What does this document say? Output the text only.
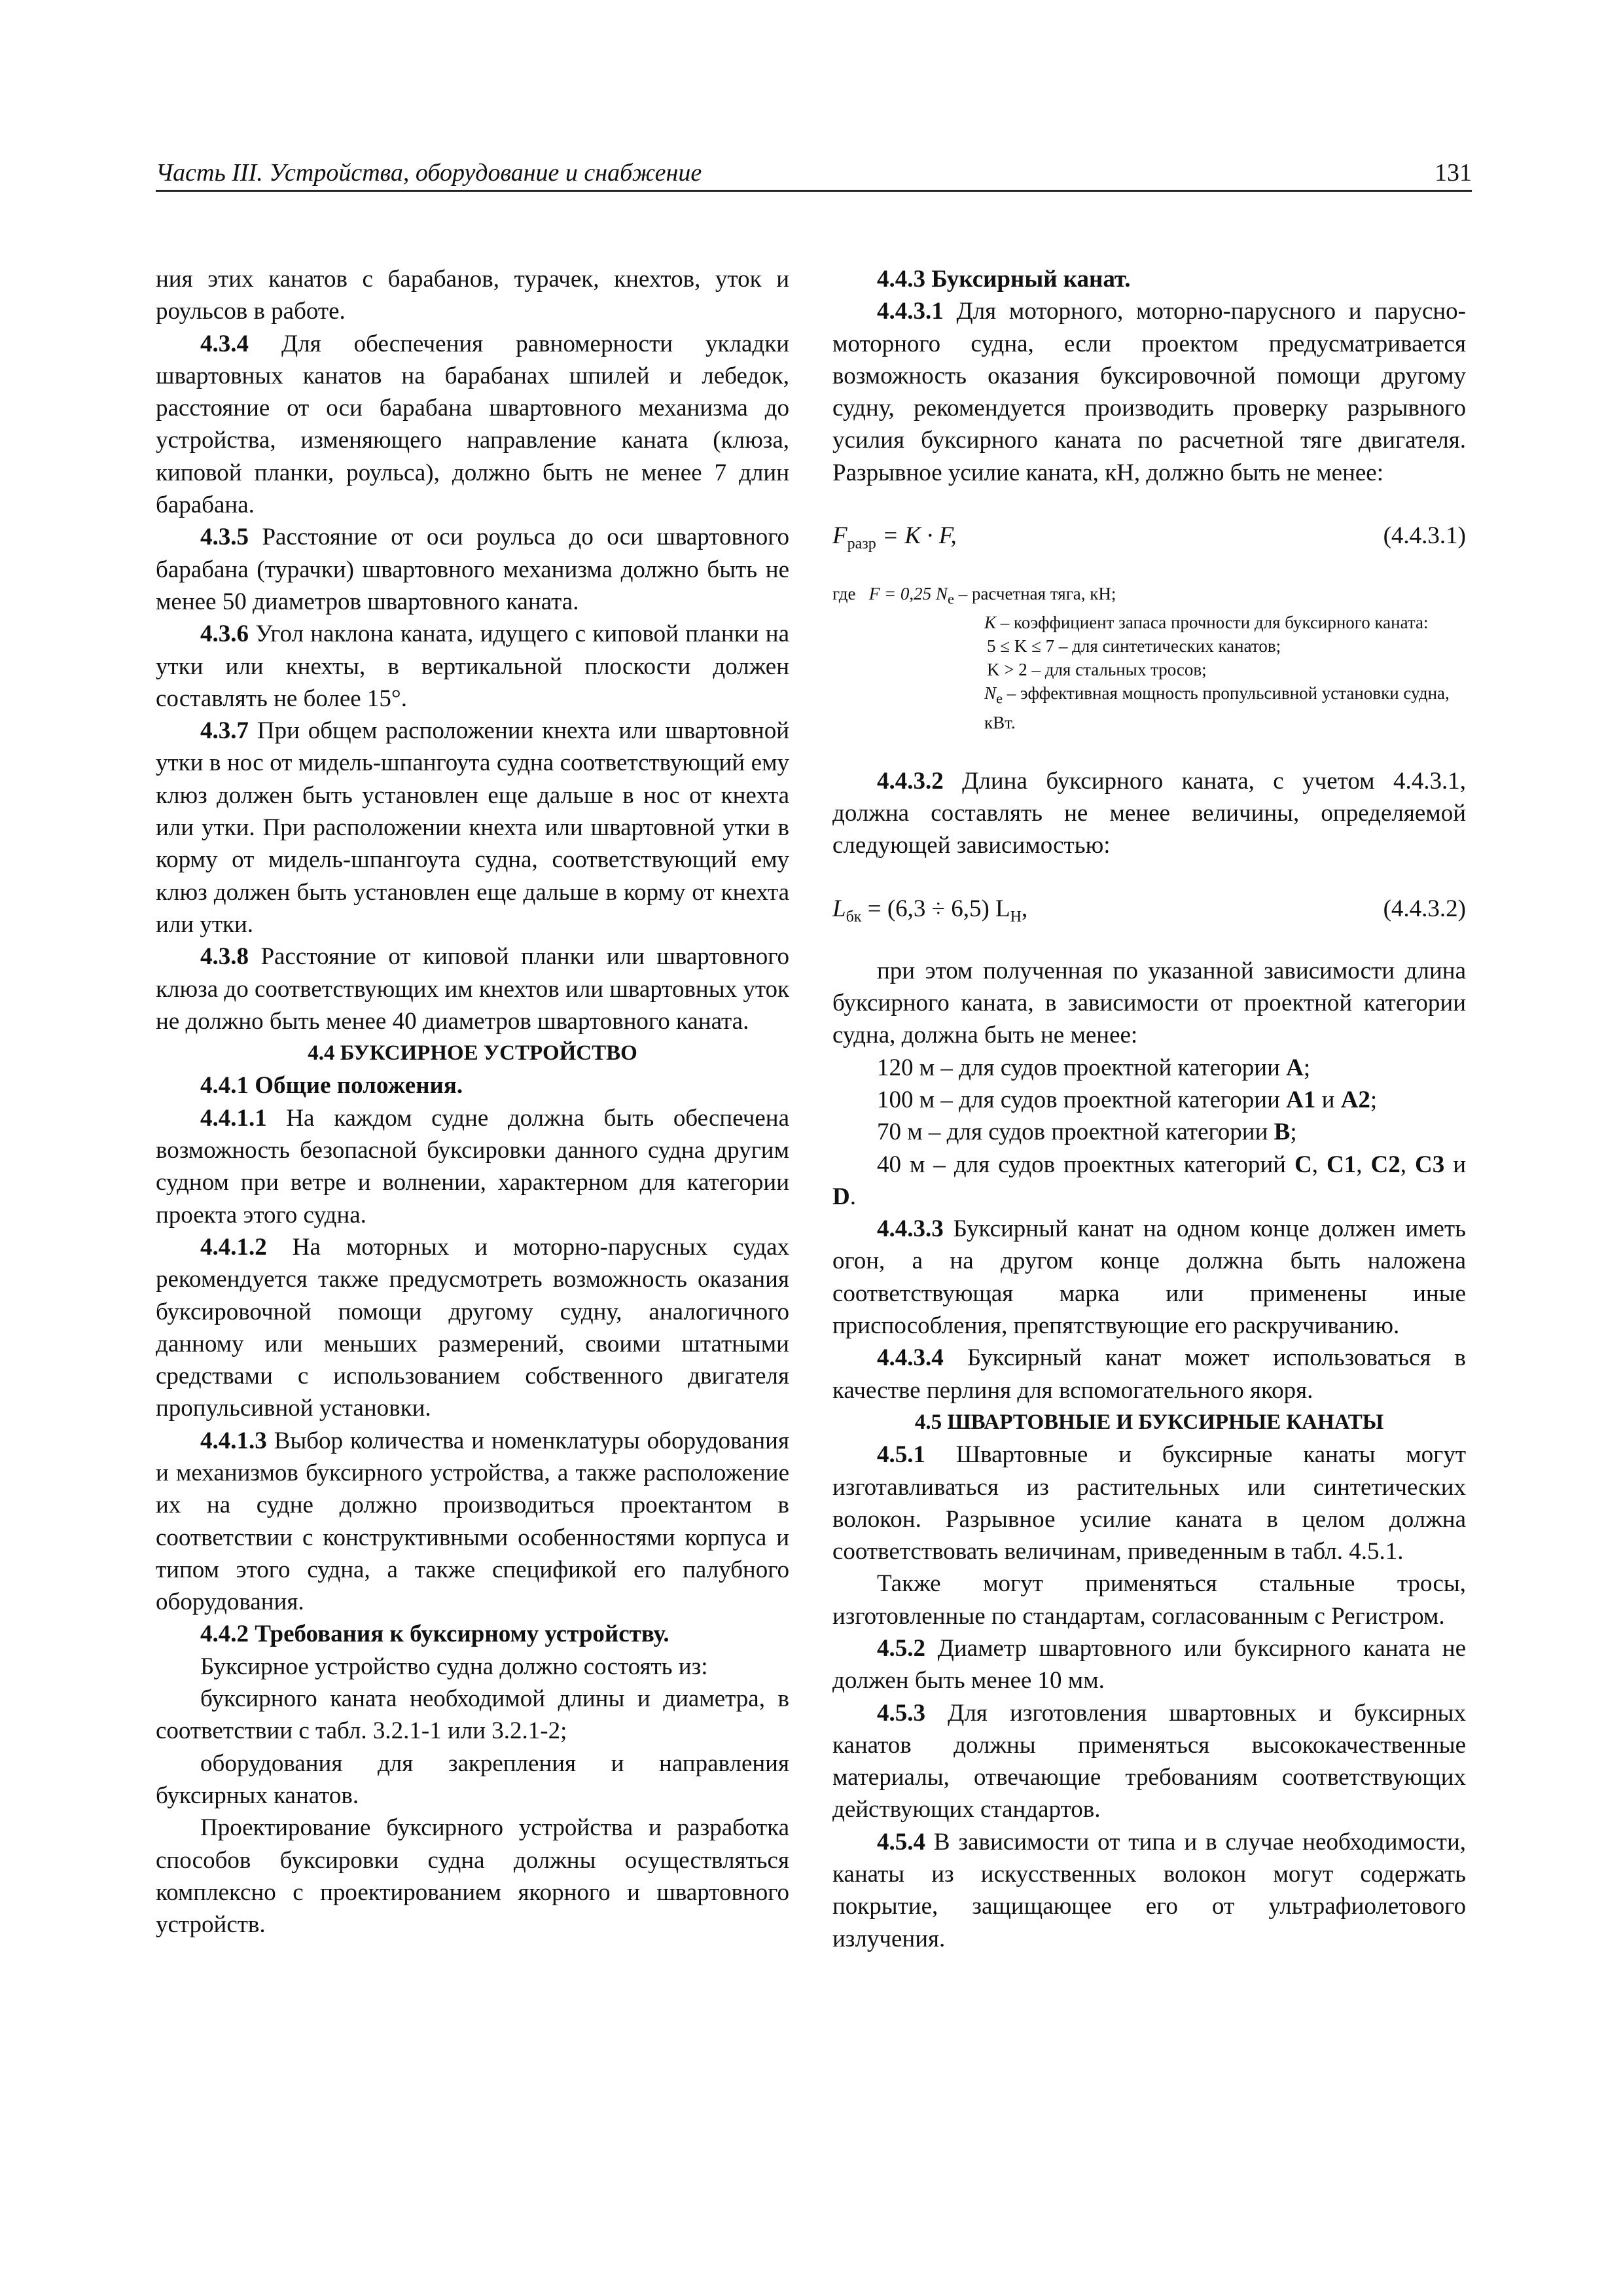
Часть III. Устройства, оборудование и снабжение	131

ния этих канатов с барабанов, турачек, кнехтов, уток и роульсов в работе.

4.3.4 Для обеспечения равномерности укладки швартовных канатов на барабанах шпилей и лебедок, расстояние от оси барабана швартовного механизма до устройства, изменяющего направление каната (клюза, киповой планки, роульса), должно быть не менее 7 длин барабана.

4.3.5 Расстояние от оси роульса до оси швартовного барабана (турачки) швартовного механизма должно быть не менее 50 диаметров швартовного каната.

4.3.6 Угол наклона каната, идущего с киповой планки на утки или кнехты, в вертикальной плоскости должен составлять не более 15°.

4.3.7 При общем расположении кнехта или швартовной утки в нос от мидель-шпангоута судна соответствующий ему клюз должен быть установлен еще дальше в нос от кнехта или утки. При расположении кнехта или швартовной утки в корму от мидель-шпангоута судна, соответствующий ему клюз должен быть установлен еще дальше в корму от кнехта или утки.

4.3.8 Расстояние от киповой планки или швартовного клюза до соответствующих им кнехтов или швартовных уток не должно быть менее 40 диаметров швартовного каната.

4.4 БУКСИРНОЕ УСТРОЙСТВО

4.4.1 Общие положения.

4.4.1.1 На каждом судне должна быть обеспечена возможность безопасной буксировки данного судна другим судном при ветре и волнении, характерном для категории проекта этого судна.

4.4.1.2 На моторных и моторно-парусных судах рекомендуется также предусмотреть возможность оказания буксировочной помощи другому судну, аналогичного данному или меньших размерений, своими штатными средствами с использованием собственного двигателя пропульсивной установки.

4.4.1.3 Выбор количества и номенклатуры оборудования и механизмов буксирного устройства, а также расположение их на судне должно производиться проектантом в соответствии с конструктивными особенностями корпуса и типом этого судна, а также спецификой его палубного оборудования.

4.4.2 Требования к буксирному устройству.

Буксирное устройство судна должно состоять из:

буксирного каната необходимой длины и диаметра, в соответствии с табл. 3.2.1-1 или 3.2.1-2;

оборудования для закрепления и направления буксирных канатов.

Проектирование буксирного устройства и разработка способов буксировки судна должны осуществляться комплексно с проектированием якорного и швартовного устройств.

4.4.3 Буксирный канат.

4.4.3.1 Для моторного, моторно-парусного и парусно-моторного судна, если проектом предусматривается возможность оказания буксировочной помощи другому судну, рекомендуется производить проверку разрывного усилия буксирного каната по расчетной тяге двигателя. Разрывное усилие каната, кН, должно быть не менее:

$F_{разр} = K \cdot F$,	(4.4.3.1)
где F = 0,25 $N_e$ – расчетная тяга, кН;
K – коэффициент запаса прочности для буксирного каната:
5 ≤ K ≤ 7 – для синтетических канатов;
K > 2 – для стальных тросов;
$N_e$ – эффективная мощность пропульсивной установки судна, кВт.

4.4.3.2 Длина буксирного каната, с учетом 4.4.3.1, должна составлять не менее величины, определяемой следующей зависимостью:

$L_{бк} = (6,3 \div 6,5)$ $L_H$,	(4.4.3.2)

при этом полученная по указанной зависимости длина буксирного каната, в зависимости от проектной категории судна, должна быть не менее:

120 м – для судов проектной категории A;

100 м – для судов проектной категории A1 и A2;

70 м – для судов проектной категории B;

40 м – для судов проектных категорий C, C1, C2, C3 и D.

4.4.3.3 Буксирный канат на одном конце должен иметь огон, а на другом конце должна быть наложена соответствующая марка или применены иные приспособления, препятствующие его раскручиванию.

4.4.3.4 Буксирный канат может использоваться в качестве перлиня для вспомогательного якоря.

4.5 ШВАРТОВНЫЕ И БУКСИРНЫЕ КАНАТЫ

4.5.1 Швартовные и буксирные канаты могут изготавливаться из растительных или синтетических волокон. Разрывное усилие каната в целом должна соответствовать величинам, приведенным в табл. 4.5.1.

Также могут применяться стальные тросы, изготовленные по стандартам, согласованным с Регистром.

4.5.2 Диаметр швартовного или буксирного каната не должен быть менее 10 мм.

4.5.3 Для изготовления швартовных и буксирных канатов должны применяться высококачественные материалы, отвечающие требованиям соответствующих действующих стандартов.

4.5.4 В зависимости от типа и в случае необходимости, канаты из искусственных волокон могут содержать покрытие, защищающее его от ультрафиолетового излучения.
